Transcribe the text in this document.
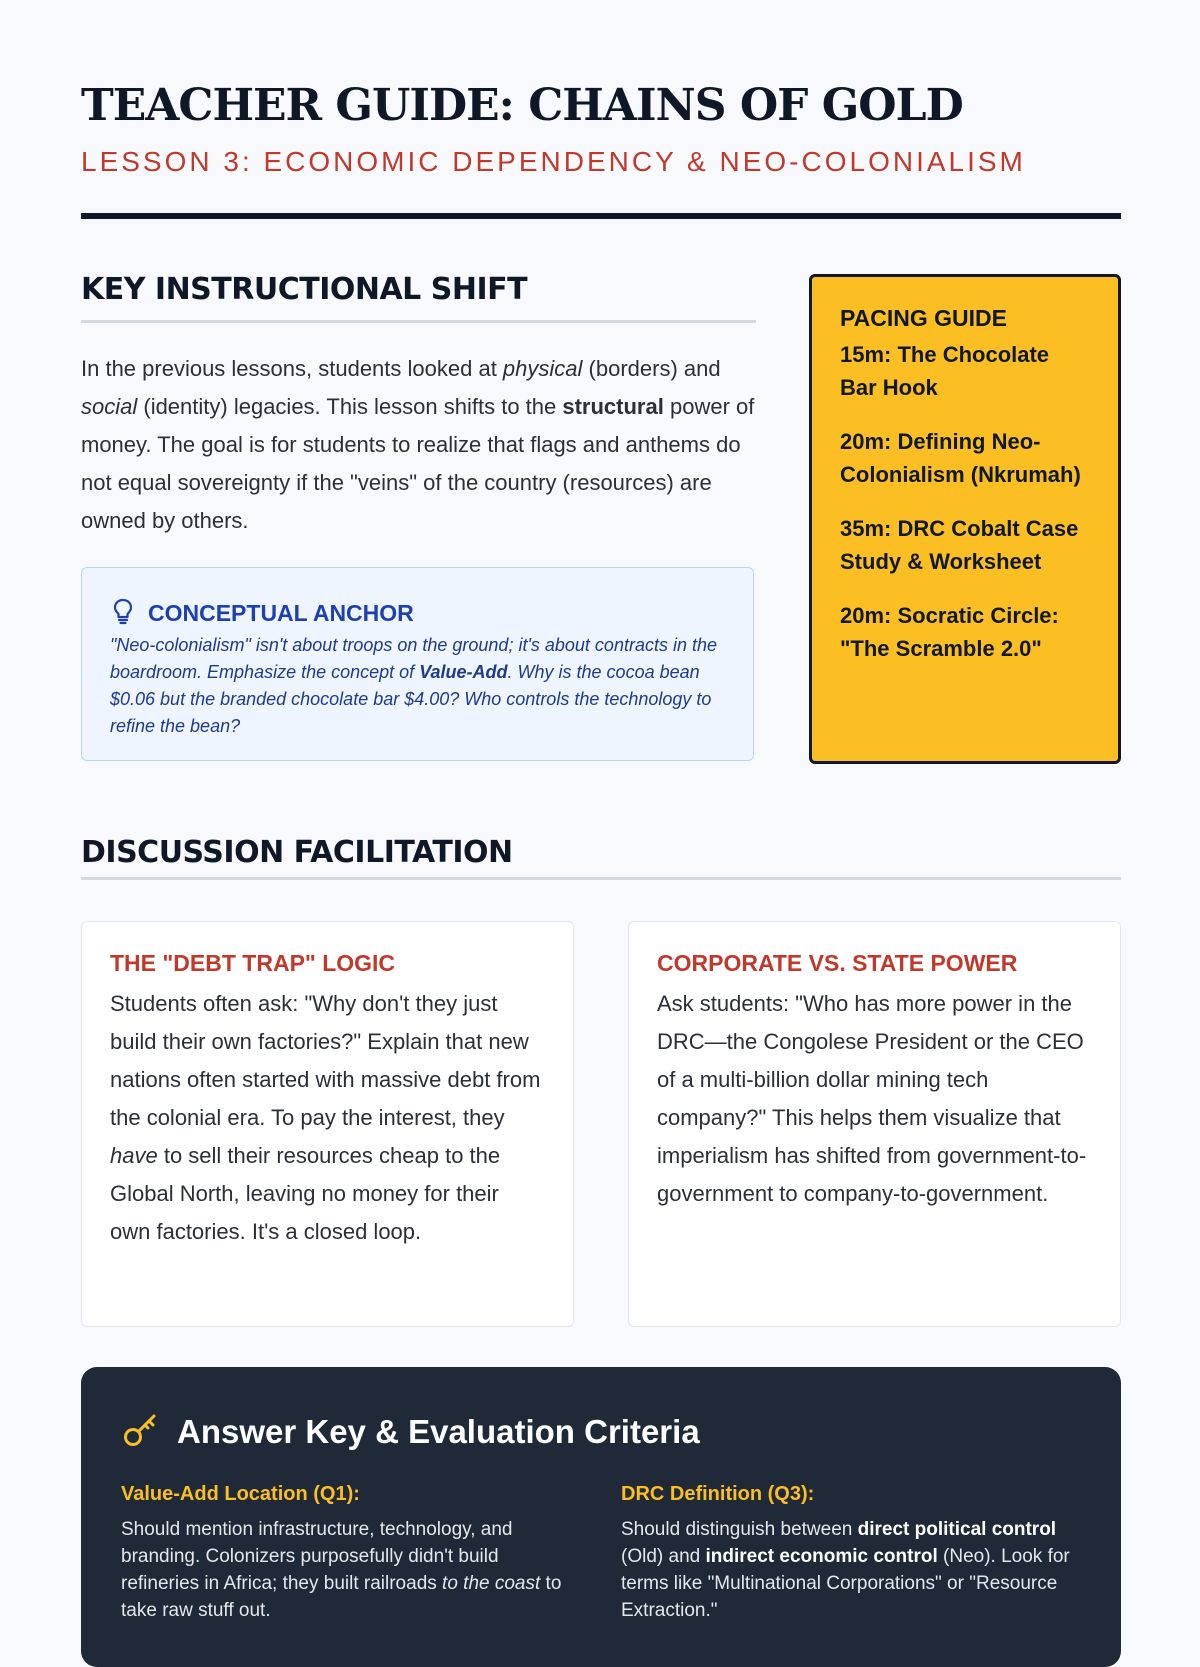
TEACHER GUIDE: CHAINS OF GOLD
LESSON 3: ECONOMIC DEPENDENCY & NEO-COLONIALISM
KEY INSTRUCTIONAL SHIFT

In the previous lessons, students looked at physical (borders) and social (identity) legacies. This lesson shifts to the structural power of money. The goal is for students to realize that flags and anthems do not equal sovereignty if the "veins" of the country (resources) are owned by others.

CONCEPTUAL ANCHOR

"Neo-colonialism" isn't about troops on the ground; it's about contracts in the boardroom. Emphasize the concept of Value-Add. Why is the cocoa bean $0.06 but the branded chocolate bar $4.00? Who controls the technology to refine the bean?

PACING GUIDE
15m: The Chocolate Bar Hook
20m: Defining Neo-Colonialism (Nkrumah)
35m: DRC Cobalt Case Study & Worksheet
20m: Socratic Circle: "The Scramble 2.0"
DISCUSSION FACILITATION
THE "DEBT TRAP" LOGIC

Students often ask: "Why don't they just build their own factories?" Explain that new nations often started with massive debt from the colonial era. To pay the interest, they have to sell their resources cheap to the Global North, leaving no money for their own factories. It's a closed loop.

CORPORATE VS. STATE POWER

Ask students: "Who has more power in the DRC—the Congolese President or the CEO of a multi-billion dollar mining tech company?" This helps them visualize that imperialism has shifted from government-to-government to company-to-government.

Answer Key & Evaluation Criteria
Value-Add Location (Q1):

Should mention infrastructure, technology, and branding. Colonizers purposefully didn't build refineries in Africa; they built railroads to the coast to take raw stuff out.

DRC Definition (Q3):

Should distinguish between direct political control (Old) and indirect economic control (Neo). Look for terms like "Multinational Corporations" or "Resource Extraction."
